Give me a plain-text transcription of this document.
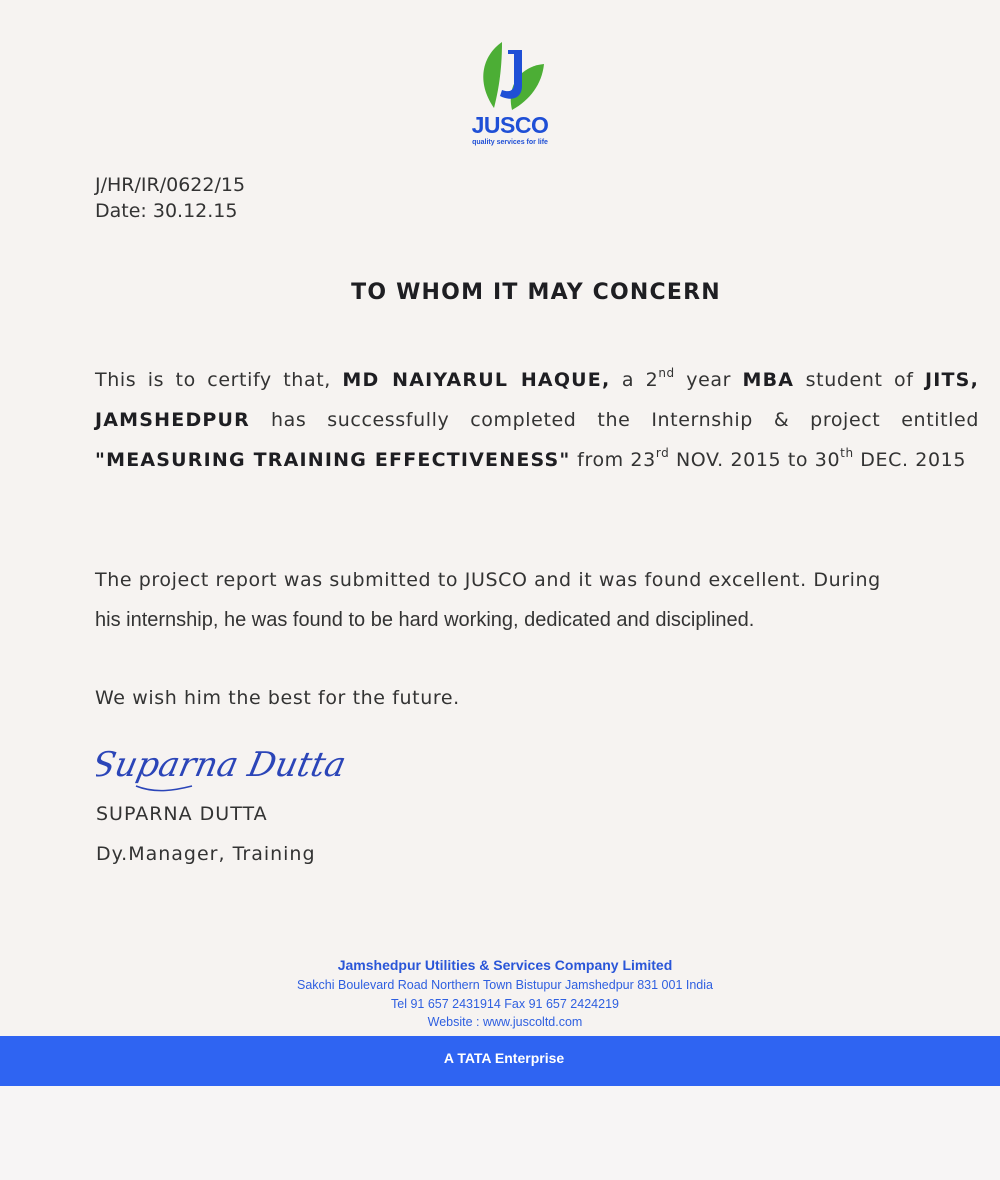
JUSCO
quality services for life
J/HR/IR/0622/15
Date: 30.12.15
TO WHOM IT MAY CONCERN
This is to certify that, MD NAIYARUL HAQUE, a 2nd year MBA student of JITS, JAMSHEDPUR has successfully completed the Internship & project entitled "MEASURING TRAINING EFFECTIVENESS" from 23rd NOV. 2015 to 30th DEC. 2015
The project report was submitted to JUSCO and it was found excellent. During
his internship, he was found to be hard working, dedicated and disciplined.
We wish him the best for the future.
Suparna Dutta
SUPARNA DUTTA
Dy.Manager, Training
Jamshedpur Utilities & Services Company Limited
Sakchi Boulevard Road Northern Town Bistupur Jamshedpur 831 001 India
Tel 91 657 2431914 Fax 91 657 2424219
Website : www.juscoltd.com
A TATA Enterprise
